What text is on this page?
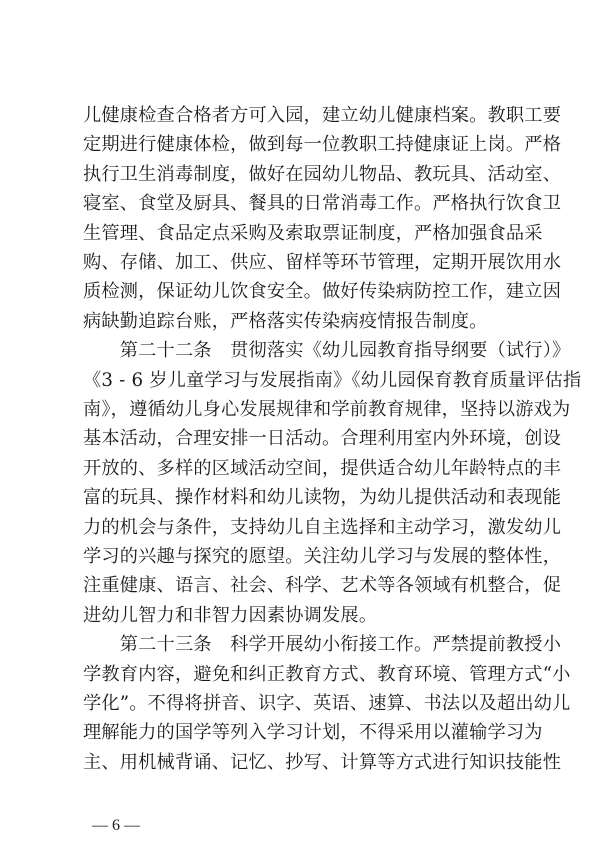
儿健康检查合格者方可入园，建立幼儿健康档案。教职工要
定期进行健康体检，做到每一位教职工持健康证上岗。严格
执行卫生消毒制度，做好在园幼儿物品、教玩具、活动室、
寝室、食堂及厨具、餐具的日常消毒工作。严格执行饮食卫
生管理、食品定点采购及索取票证制度，严格加强食品采
购、存储、加工、供应、留样等环节管理，定期开展饮用水
质检测，保证幼儿饮食安全。做好传染病防控工作，建立因
病缺勤追踪台账，严格落实传染病疫情报告制度。
　　第二十二条　贯彻落实《幼儿园教育指导纲要（试行）》
《3 - 6 岁儿童学习与发展指南》《幼儿园保育教育质量评估指
南》，遵循幼儿身心发展规律和学前教育规律，坚持以游戏为
基本活动，合理安排一日活动。合理利用室内外环境，创设
开放的、多样的区域活动空间，提供适合幼儿年龄特点的丰
富的玩具、操作材料和幼儿读物，为幼儿提供活动和表现能
力的机会与条件，支持幼儿自主选择和主动学习，激发幼儿
学习的兴趣与探究的愿望。关注幼儿学习与发展的整体性，
注重健康、语言、社会、科学、艺术等各领域有机整合，促
进幼儿智力和非智力因素协调发展。
　　第二十三条　科学开展幼小衔接工作。严禁提前教授小
学教育内容，避免和纠正教育方式、教育环境、管理方式“小
学化”。不得将拼音、识字、英语、速算、书法以及超出幼儿
理解能力的国学等列入学习计划，不得采用以灌输学习为
主、用机械背诵、记忆、抄写、计算等方式进行知识技能性
— 6 —
